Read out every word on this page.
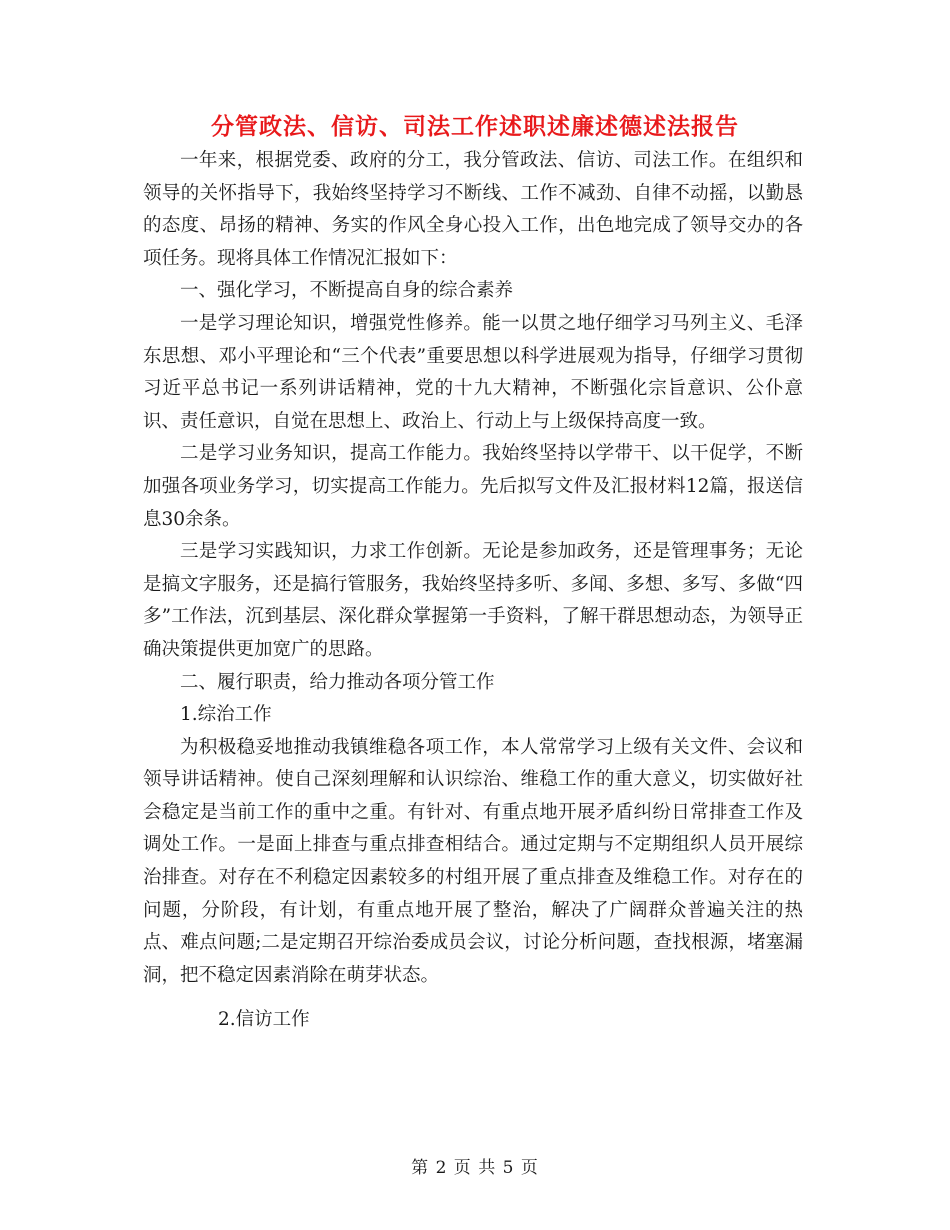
分管政法、信访、司法工作述职述廉述德述法报告

一年来，根据党委、政府的分工，我分管政法、信访、司法工作。在组织和领导的关怀指导下，我始终坚持学习不断线、工作不减劲、自律不动摇，以勤恳的态度、昂扬的精神、务实的作风全身心投入工作，出色地完成了领导交办的各项任务。现将具体工作情况汇报如下：

一、强化学习，不断提高自身的综合素养

一是学习理论知识，增强党性修养。能一以贯之地仔细学习马列主义、毛泽东思想、邓小平理论和“三个代表”重要思想以科学进展观为指导，仔细学习贯彻习近平总书记一系列讲话精神，党的十九大精神，不断强化宗旨意识、公仆意识、责任意识，自觉在思想上、政治上、行动上与上级保持高度一致。

二是学习业务知识，提高工作能力。我始终坚持以学带干、以干促学，不断加强各项业务学习，切实提高工作能力。先后拟写文件及汇报材料12篇，报送信息30余条。

三是学习实践知识，力求工作创新。无论是参加政务，还是管理事务；无论是搞文字服务，还是搞行管服务，我始终坚持多听、多闻、多想、多写、多做“四多”工作法，沉到基层、深化群众掌握第一手资料，了解干群思想动态，为领导正确决策提供更加宽广的思路。

二、履行职责，给力推动各项分管工作

1.综治工作

为积极稳妥地推动我镇维稳各项工作，本人常常学习上级有关文件、会议和领导讲话精神。使自己深刻理解和认识综治、维稳工作的重大意义，切实做好社会稳定是当前工作的重中之重。有针对、有重点地开展矛盾纠纷日常排查工作及调处工作。一是面上排查与重点排查相结合。通过定期与不定期组织人员开展综治排查。对存在不利稳定因素较多的村组开展了重点排查及维稳工作。对存在的问题，分阶段，有计划，有重点地开展了整治，解决了广阔群众普遍关注的热点、难点问题;二是定期召开综治委成员会议，讨论分析问题，查找根源，堵塞漏洞，把不稳定因素消除在萌芽状态。

2.信访工作

第 2 页 共 5 页
